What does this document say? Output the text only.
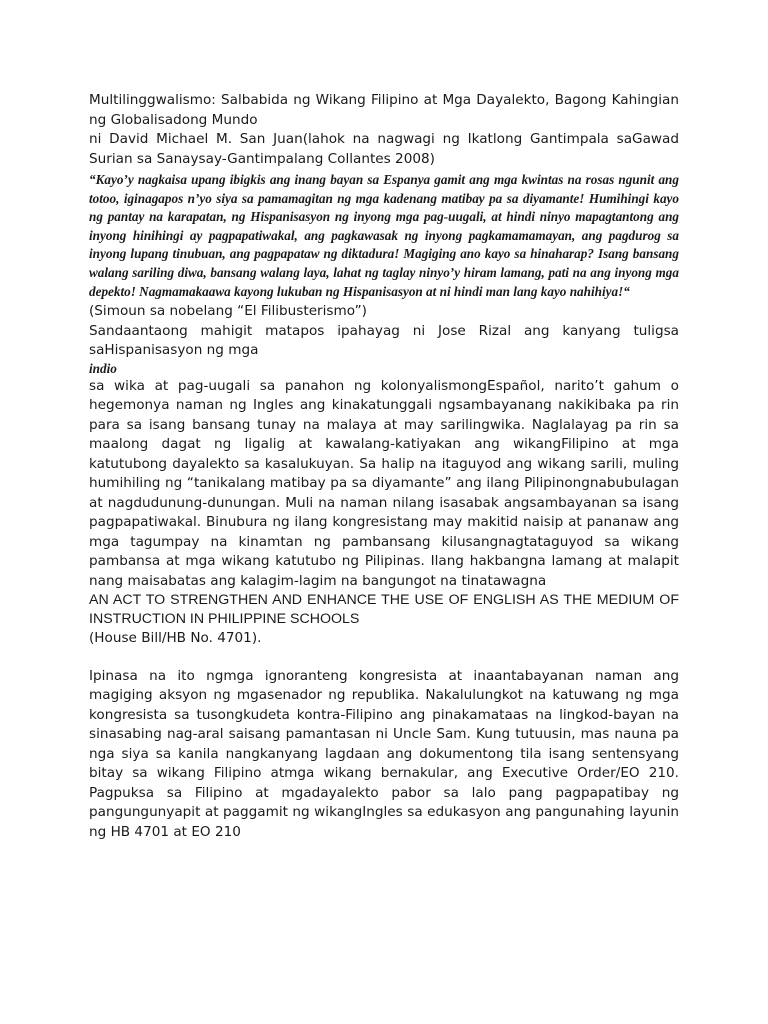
Multilinggwalismo: Salbabida ng Wikang Filipino at Mga Dayalekto, Bagong Kahingian ng Globalisadong Mundo

ni David Michael M. San Juan(lahok na nagwagi ng Ikatlong Gantimpala saGawad Surian sa Sanaysay-Gantimpalang Collantes 2008)

“Kayo’y nagkaisa upang ibigkis ang inang bayan sa Espanya gamit ang mga kwintas na rosas ngunit ang totoo, iginagapos n’yo siya sa pamamagitan ng mga kadenang matibay pa sa diyamante! Humihingi kayo ng pantay na karapatan, ng Hispanisasyon ng inyong mga pag-uugali, at hindi ninyo mapagtantong ang inyong hinihingi ay pagpapatiwakal, ang pagkawasak ng inyong pagkamamamayan, ang pagdurog sa inyong lupang tinubuan, ang pagpapataw ng diktadura! Magiging ano kayo sa hinaharap? Isang bansang walang sariling diwa, bansang walang laya, lahat ng taglay ninyo’y hiram lamang, pati na ang inyong mga depekto! Nagmamakaawa kayong lukuban ng Hispanisasyon at ni hindi man lang kayo nahihiya!“

(Simoun sa nobelang “El Filibusterismo”)

Sandaantaong mahigit matapos ipahayag ni Jose Rizal ang kanyang tuligsa saHispanisasyon ng mga

indio

sa wika at pag-uugali sa panahon ng kolonyalismongEspañol, narito’t gahum o hegemonya naman ng Ingles ang kinakatunggali ngsambayanang nakikibaka pa rin para sa isang bansang tunay na malaya at may sarilingwika. Naglalayag pa rin sa maalong dagat ng ligalig at kawalang-katiyakan ang wikangFilipino at mga katutubong dayalekto sa kasalukuyan. Sa halip na itaguyod ang wikang sarili, muling humihiling ng “tanikalang matibay pa sa diyamante” ang ilang Pilipinongnabubulagan at nagdudunung-dunungan. Muli na naman nilang isasabak angsambayanan sa isang pagpapatiwakal. Binubura ng ilang kongresistang may makitid naisip at pananaw ang mga tagumpay na kinamtan ng pambansang kilusangnagtataguyod sa wikang pambansa at mga wikang katutubo ng Pilipinas. Ilang hakbangna lamang at malapit nang maisabatas ang kalagim-lagim na bangungot na tinatawagna

AN ACT TO STRENGTHEN AND ENHANCE THE USE OF ENGLISH AS THE MEDIUM OF INSTRUCTION IN PHILIPPINE SCHOOLS

(House Bill/HB No. 4701).

Ipinasa na ito ngmga ignoranteng kongresista at inaantabayanan naman ang magiging aksyon ng mgasenador ng republika. Nakalulungkot na katuwang ng mga kongresista sa tusongkudeta kontra-Filipino ang pinakamataas na lingkod-bayan na sinasabing nag-aral saisang pamantasan ni Uncle Sam. Kung tutuusin, mas nauna pa nga siya sa kanila nangkanyang lagdaan ang dokumentong tila isang sentensyang bitay sa wikang Filipino atmga wikang bernakular, ang Executive Order/EO 210. Pagpuksa sa Filipino at mgadayalekto pabor sa lalo pang pagpapatibay ng pangungunyapit at paggamit ng wikangIngles sa edukasyon ang pangunahing layunin ng HB 4701 at EO 210
